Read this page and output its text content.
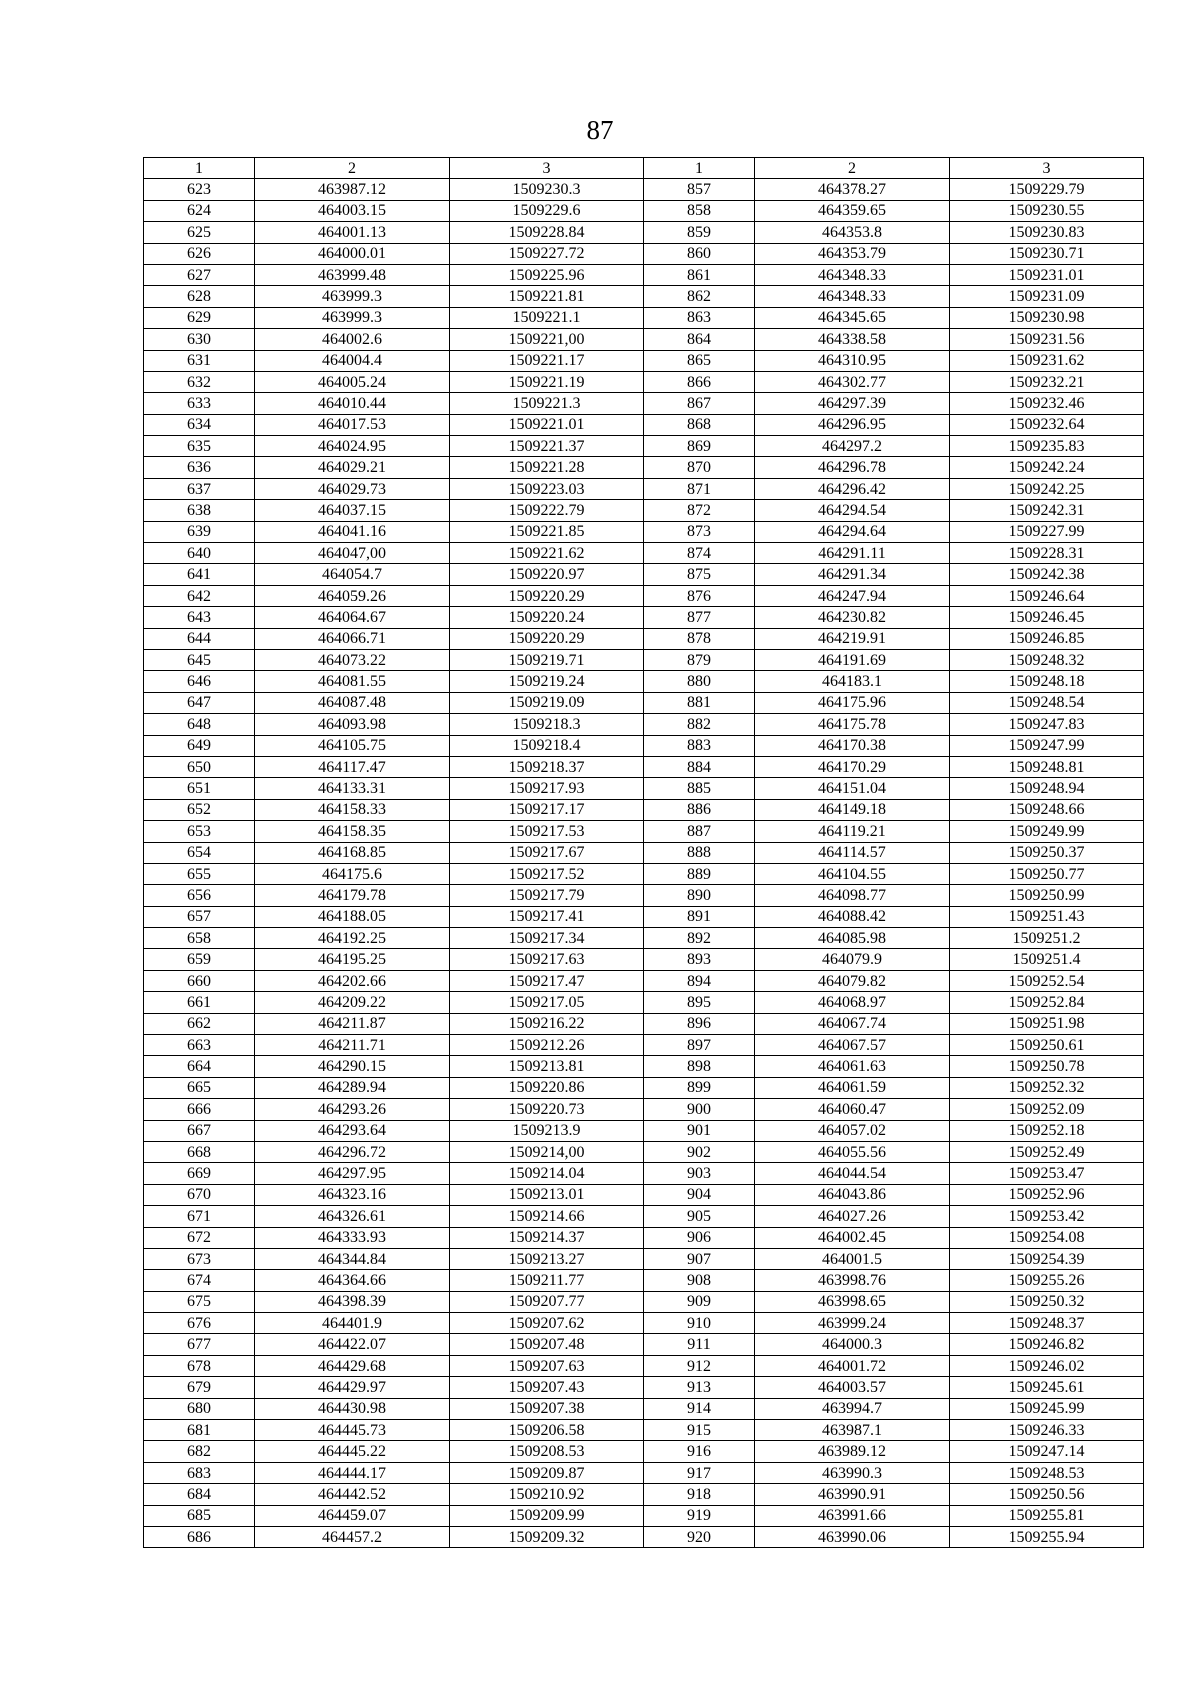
87
1	2	3	1	2	3
623	463987.12	1509230.3	857	464378.27	1509229.79
624	464003.15	1509229.6	858	464359.65	1509230.55
625	464001.13	1509228.84	859	464353.8	1509230.83
626	464000.01	1509227.72	860	464353.79	1509230.71
627	463999.48	1509225.96	861	464348.33	1509231.01
628	463999.3	1509221.81	862	464348.33	1509231.09
629	463999.3	1509221.1	863	464345.65	1509230.98
630	464002.6	1509221,00	864	464338.58	1509231.56
631	464004.4	1509221.17	865	464310.95	1509231.62
632	464005.24	1509221.19	866	464302.77	1509232.21
633	464010.44	1509221.3	867	464297.39	1509232.46
634	464017.53	1509221.01	868	464296.95	1509232.64
635	464024.95	1509221.37	869	464297.2	1509235.83
636	464029.21	1509221.28	870	464296.78	1509242.24
637	464029.73	1509223.03	871	464296.42	1509242.25
638	464037.15	1509222.79	872	464294.54	1509242.31
639	464041.16	1509221.85	873	464294.64	1509227.99
640	464047,00	1509221.62	874	464291.11	1509228.31
641	464054.7	1509220.97	875	464291.34	1509242.38
642	464059.26	1509220.29	876	464247.94	1509246.64
643	464064.67	1509220.24	877	464230.82	1509246.45
644	464066.71	1509220.29	878	464219.91	1509246.85
645	464073.22	1509219.71	879	464191.69	1509248.32
646	464081.55	1509219.24	880	464183.1	1509248.18
647	464087.48	1509219.09	881	464175.96	1509248.54
648	464093.98	1509218.3	882	464175.78	1509247.83
649	464105.75	1509218.4	883	464170.38	1509247.99
650	464117.47	1509218.37	884	464170.29	1509248.81
651	464133.31	1509217.93	885	464151.04	1509248.94
652	464158.33	1509217.17	886	464149.18	1509248.66
653	464158.35	1509217.53	887	464119.21	1509249.99
654	464168.85	1509217.67	888	464114.57	1509250.37
655	464175.6	1509217.52	889	464104.55	1509250.77
656	464179.78	1509217.79	890	464098.77	1509250.99
657	464188.05	1509217.41	891	464088.42	1509251.43
658	464192.25	1509217.34	892	464085.98	1509251.2
659	464195.25	1509217.63	893	464079.9	1509251.4
660	464202.66	1509217.47	894	464079.82	1509252.54
661	464209.22	1509217.05	895	464068.97	1509252.84
662	464211.87	1509216.22	896	464067.74	1509251.98
663	464211.71	1509212.26	897	464067.57	1509250.61
664	464290.15	1509213.81	898	464061.63	1509250.78
665	464289.94	1509220.86	899	464061.59	1509252.32
666	464293.26	1509220.73	900	464060.47	1509252.09
667	464293.64	1509213.9	901	464057.02	1509252.18
668	464296.72	1509214,00	902	464055.56	1509252.49
669	464297.95	1509214.04	903	464044.54	1509253.47
670	464323.16	1509213.01	904	464043.86	1509252.96
671	464326.61	1509214.66	905	464027.26	1509253.42
672	464333.93	1509214.37	906	464002.45	1509254.08
673	464344.84	1509213.27	907	464001.5	1509254.39
674	464364.66	1509211.77	908	463998.76	1509255.26
675	464398.39	1509207.77	909	463998.65	1509250.32
676	464401.9	1509207.62	910	463999.24	1509248.37
677	464422.07	1509207.48	911	464000.3	1509246.82
678	464429.68	1509207.63	912	464001.72	1509246.02
679	464429.97	1509207.43	913	464003.57	1509245.61
680	464430.98	1509207.38	914	463994.7	1509245.99
681	464445.73	1509206.58	915	463987.1	1509246.33
682	464445.22	1509208.53	916	463989.12	1509247.14
683	464444.17	1509209.87	917	463990.3	1509248.53
684	464442.52	1509210.92	918	463990.91	1509250.56
685	464459.07	1509209.99	919	463991.66	1509255.81
686	464457.2	1509209.32	920	463990.06	1509255.94
